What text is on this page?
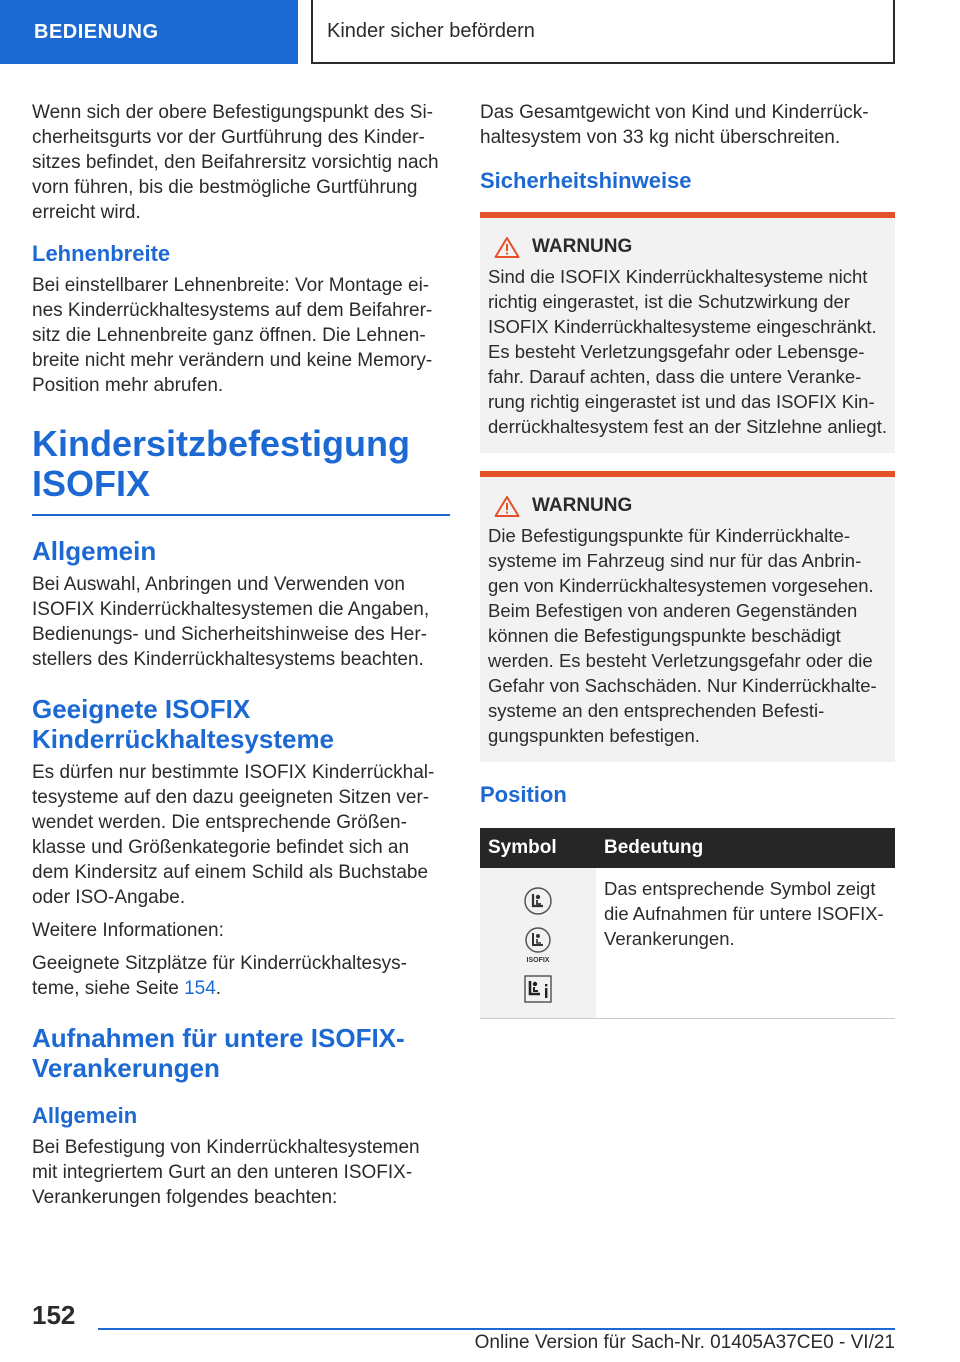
BEDIENUNG	Kinder sicher befördern

Wenn sich der obere Befestigungspunkt des Si-cherheitsgurts vor der Gurtführung des Kinder-sitzes befindet, den Beifahrersitz vorsichtig nach vorn führen, bis die bestmögliche Gurtführung erreicht wird.

Lehnenbreite

Bei einstellbarer Lehnenbreite: Vor Montage ei-nes Kinderrückhaltesystems auf dem Beifahrer-sitz die Lehnenbreite ganz öffnen. Die Lehnen-breite nicht mehr verändern und keine Memory-Position mehr abrufen.

Kindersitzbefestigung ISOFIX
Allgemein

Bei Auswahl, Anbringen und Verwenden von ISOFIX Kinderrückhaltesystemen die Angaben, Bedienungs- und Sicherheitshinweise des Her-stellers des Kinderrückhaltesystems beachten.

Geeignete ISOFIX Kinderrückhaltesysteme

Es dürfen nur bestimmte ISOFIX Kinderrückhal-tesysteme auf den dazu geeigneten Sitzen ver-wendet werden. Die entsprechende Größen-klasse und Größenkategorie befindet sich an dem Kindersitz auf einem Schild als Buchstabe oder ISO-Angabe.

Weitere Informationen:

Geeignete Sitzplätze für Kinderrückhaltesys-teme, siehe Seite 154.

Aufnahmen für untere ISOFIX-Verankerungen
Allgemein

Bei Befestigung von Kinderrückhaltesystemen mit integriertem Gurt an den unteren ISOFIX-Verankerungen folgendes beachten:

Das Gesamtgewicht von Kind und Kinderrück-haltesystem von 33 kg nicht überschreiten.

Sicherheitshinweise
WARNUNG

Sind die ISOFIX Kinderrückhaltesysteme nicht richtig eingerastet, ist die Schutzwirkung der ISOFIX Kinderrückhaltesysteme eingeschränkt. Es besteht Verletzungsgefahr oder Lebensge-fahr. Darauf achten, dass die untere Veranke-rung richtig eingerastet ist und das ISOFIX Kin-derrückhaltesystem fest an der Sitzlehne anliegt.

WARNUNG

Die Befestigungspunkte für Kinderrückhalte-systeme im Fahrzeug sind nur für das Anbrin-gen von Kinderrückhaltesystemen vorgesehen. Beim Befestigen von anderen Gegenständen können die Befestigungspunkte beschädigt werden. Es besteht Verletzungsgefahr oder die Gefahr von Sachschäden. Nur Kinderrückhalte-systeme an den entsprechenden Befesti-gungspunkten befestigen.

Position
Symbol	Bedeutung

ISOFIX	Das entsprechende Symbol zeigt die Aufnahmen für untere ISOFIX-Verankerungen.
152
Online Version für Sach-Nr. 01405A37CE0 - VI/21
